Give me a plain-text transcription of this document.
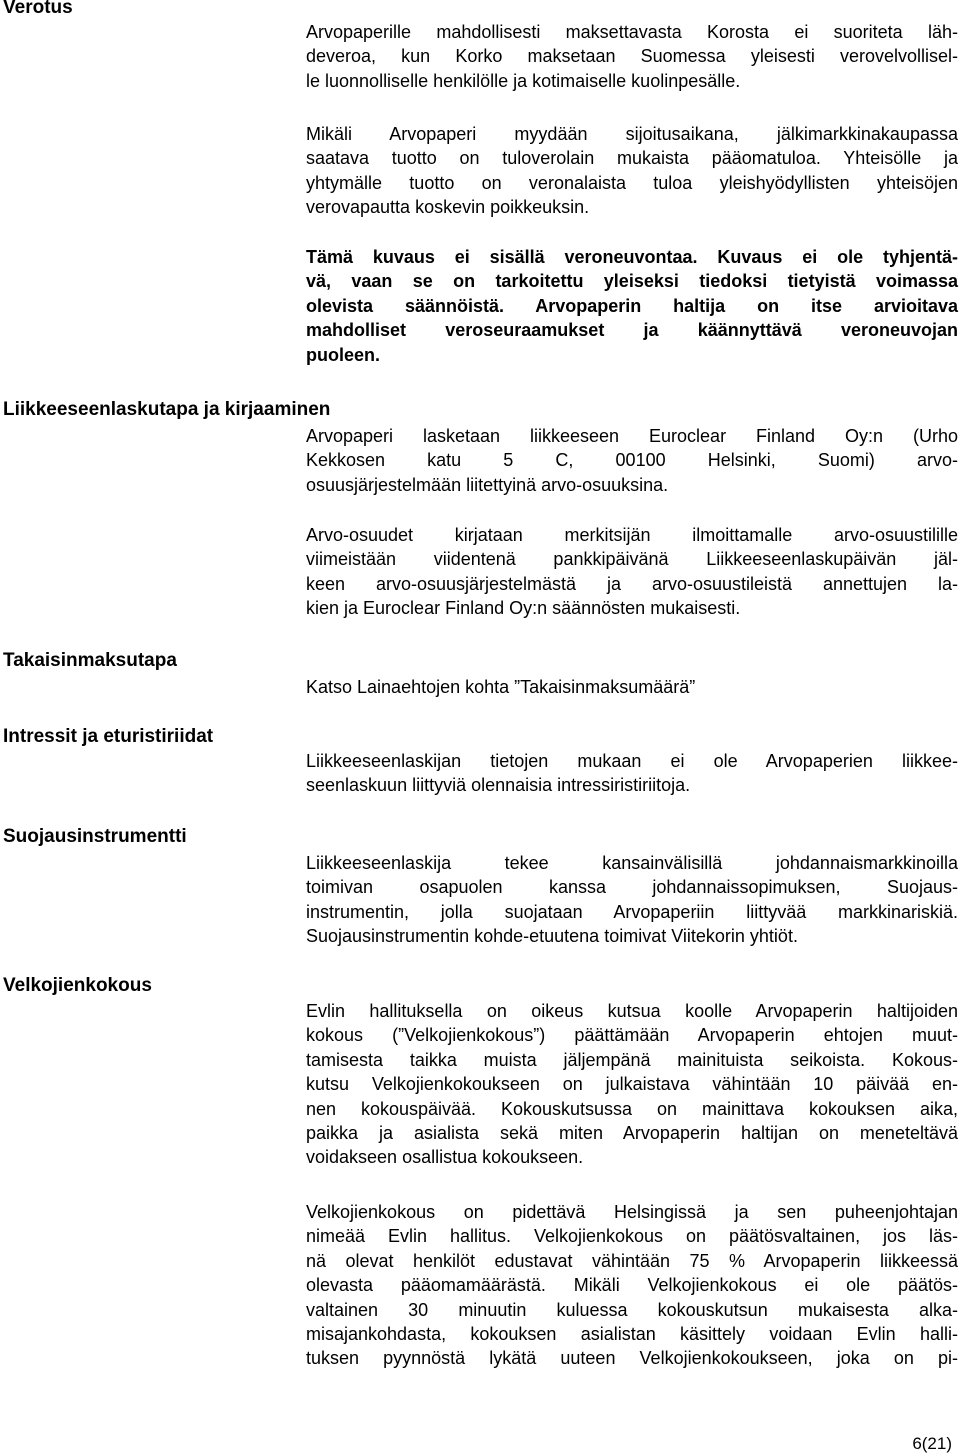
Verotus
Liikkeeseenlaskutapa ja kirjaaminen
Takaisinmaksutapa
Intressit ja eturistiriidat
Suojausinstrumentti
Velkojienkokous
Arvopaperille mahdollisesti maksettavasta Korosta ei suoriteta läh-
deveroa, kun Korko maksetaan Suomessa yleisesti verovelvollisel-
le luonnolliselle henkilölle ja kotimaiselle kuolinpesälle.
Mikäli Arvopaperi myydään sijoitusaikana, jälkimarkkinakaupassa
saatava tuotto on tuloverolain mukaista pääomatuloa. Yhteisölle ja
yhtymälle tuotto on veronalaista tuloa yleishyödyllisten yhteisöjen
verovapautta koskevin poikkeuksin.
Tämä kuvaus ei sisällä veroneuvontaa. Kuvaus ei ole tyhjentä-
vä, vaan se on tarkoitettu yleiseksi tiedoksi tietyistä voimassa
olevista säännöistä. Arvopaperin haltija on itse arvioitava
mahdolliset veroseuraamukset ja käännyttävä veroneuvojan
puoleen.
Arvopaperi lasketaan liikkeeseen Euroclear Finland Oy:n (Urho
Kekkosen katu 5 C, 00100 Helsinki, Suomi) arvo-
osuusjärjestelmään liitettyinä arvo-osuuksina.
Arvo-osuudet kirjataan merkitsijän ilmoittamalle arvo-osuustilille
viimeistään viidentenä pankkipäivänä Liikkeeseenlaskupäivän jäl-
keen arvo-osuusjärjestelmästä ja arvo-osuustileistä annettujen la-
kien ja Euroclear Finland Oy:n säännösten mukaisesti.
Katso Lainaehtojen kohta ”Takaisinmaksumäärä”
Liikkeeseenlaskijan tietojen mukaan ei ole Arvopaperien liikkee-
seenlaskuun liittyviä olennaisia intressiristiriitoja.
Liikkeeseenlaskija tekee kansainvälisillä johdannaismarkkinoilla
toimivan osapuolen kanssa johdannaissopimuksen, Suojaus-
instrumentin, jolla suojataan Arvopaperiin liittyvää markkinariskiä.
Suojausinstrumentin kohde-etuutena toimivat Viitekorin yhtiöt.
Evlin hallituksella on oikeus kutsua koolle Arvopaperin haltijoiden
kokous (”Velkojienkokous”) päättämään Arvopaperin ehtojen muut-
tamisesta taikka muista jäljempänä mainituista seikoista. Kokous-
kutsu Velkojienkokoukseen on julkaistava vähintään 10 päivää en-
nen kokouspäivää. Kokouskutsussa on mainittava kokouksen aika,
paikka ja asialista sekä miten Arvopaperin haltijan on meneteltävä
voidakseen osallistua kokoukseen.
Velkojienkokous on pidettävä Helsingissä ja sen puheenjohtajan
nimeää Evlin hallitus. Velkojienkokous on päätösvaltainen, jos läs-
nä olevat henkilöt edustavat vähintään 75 % Arvopaperin liikkeessä
olevasta pääomamäärästä. Mikäli Velkojienkokous ei ole päätös-
valtainen 30 minuutin kuluessa kokouskutsun mukaisesta alka-
misajankohdasta, kokouksen asialistan käsittely voidaan Evlin halli-
tuksen pyynnöstä lykätä uuteen Velkojienkokoukseen, joka on pi-
6(21)
